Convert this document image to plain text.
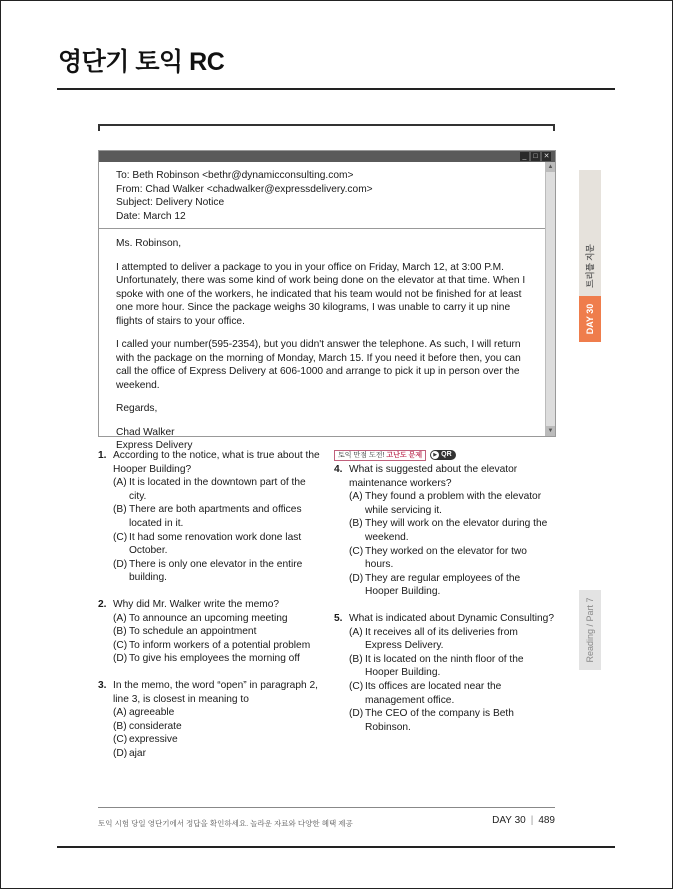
영단기 토익 RC
_ □ ✕
▲
▼
To: Beth Robinson <bethr@dynamicconsulting.com>
From: Chad Walker <chadwalker@expressdelivery.com>
Subject: Delivery Notice
Date: March 12

Ms. Robinson,

I attempted to deliver a package to you in your office on Friday, March 12, at 3:00 P.M. Unfortunately, there was some kind of work being done on the elevator at that time. When I spoke with one of the workers, he indicated that his team would not be finished for at least one more hour. Since the package weighs 30 kilograms, I was unable to carry it up nine flights of stairs to your office.

I called your number(595-2354), but you didn't answer the telephone. As such, I will return with the package on the morning of Monday, March 15. If you need it before then, you can call the office of Express Delivery at 606-1000 and arrange to pick it up in person over the weekend.

Regards,

Chad Walker
Express Delivery
트리플 지문
DAY 30
Reading / Part 7
1. According to the notice, what is true about the Hooper Building?
(A) It is located in the downtown part of the city.
(B) There are both apartments and offices located in it.
(C) It had some renovation work done last October.
(D) There is only one elevator in the entire building.
2. Why did Mr. Walker write the memo?
(A) To announce an upcoming meeting
(B) To schedule an appointment
(C) To inform workers of a potential problem
(D) To give his employees the morning off
3. In the memo, the word “open” in paragraph 2, line 3, is closest in meaning to
(A) agreeable
(B) considerate
(C) expressive
(D) ajar
토익 만점 도전! 고난도 문제	▶ QR
4. What is suggested about the elevator maintenance workers?
(A) They found a problem with the elevator while servicing it.
(B) They will work on the elevator during the weekend.
(C) They worked on the elevator for two hours.
(D) They are regular employees of the Hooper Building.
5. What is indicated about Dynamic Consulting?
(A) It receives all of its deliveries from Express Delivery.
(B) It is located on the ninth floor of the Hooper Building.
(C) Its offices are located near the management office.
(D) The CEO of the company is Beth Robinson.
토익 시험 당일 영단기에서 정답을 확인하세요. 놀라운 자료와 다양한 혜택 제공	DAY 30 | 489
